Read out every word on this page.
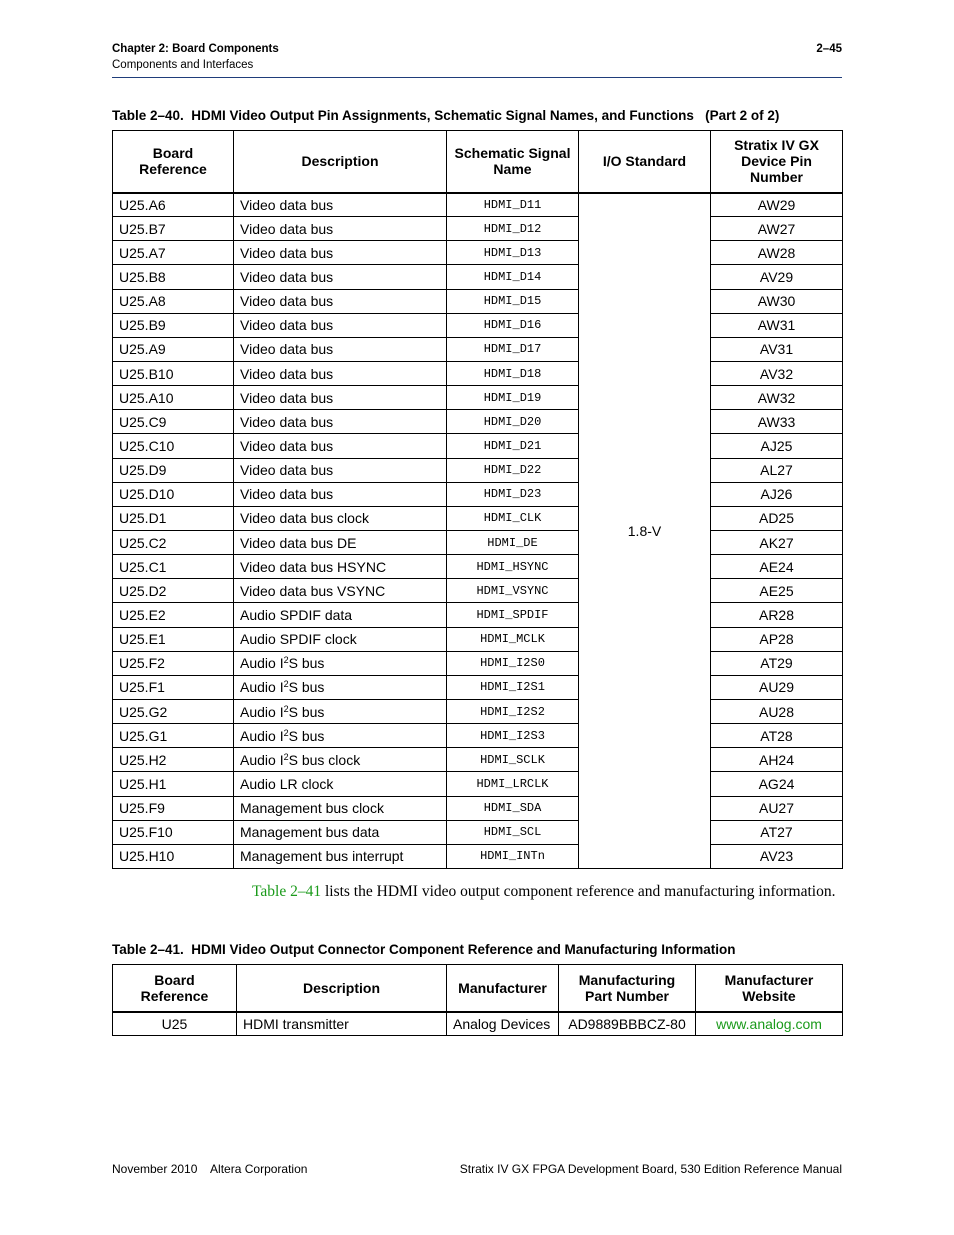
Chapter 2: Board Components
Components and Interfaces
2–45
Table 2–40.  HDMI Video Output Pin Assignments, Schematic Signal Names, and Functions   (Part 2 of 2)
Board Reference	Description	Schematic Signal Name	I/O Standard	Stratix IV GX Device Pin Number
U25.A6	Video data bus	HDMI_D11	1.8-V	AW29
U25.B7	Video data bus	HDMI_D12		AW27
U25.A7	Video data bus	HDMI_D13		AW28
U25.B8	Video data bus	HDMI_D14		AV29
U25.A8	Video data bus	HDMI_D15		AW30
U25.B9	Video data bus	HDMI_D16		AW31
U25.A9	Video data bus	HDMI_D17		AV31
U25.B10	Video data bus	HDMI_D18		AV32
U25.A10	Video data bus	HDMI_D19		AW32
U25.C9	Video data bus	HDMI_D20		AW33
U25.C10	Video data bus	HDMI_D21		AJ25
U25.D9	Video data bus	HDMI_D22		AL27
U25.D10	Video data bus	HDMI_D23		AJ26
U25.D1	Video data bus clock	HDMI_CLK		AD25
U25.C2	Video data bus DE	HDMI_DE		AK27
U25.C1	Video data bus HSYNC	HDMI_HSYNC		AE24
U25.D2	Video data bus VSYNC	HDMI_VSYNC		AE25
U25.E2	Audio SPDIF data	HDMI_SPDIF		AR28
U25.E1	Audio SPDIF clock	HDMI_MCLK		AP28
U25.F2	Audio $I^2S$ bus	HDMI_I2S0		AT29
U25.F1	Audio $I^2S$ bus	HDMI_I2S1		AU29
U25.G2	Audio $I^2S$ bus	HDMI_I2S2		AU28
U25.G1	Audio $I^2S$ bus	HDMI_I2S3		AT28
U25.H2	Audio $I^2S$ bus clock	HDMI_SCLK		AH24
U25.H1	Audio LR clock	HDMI_LRCLK		AG24
U25.F9	Management bus clock	HDMI_SDA		AU27
U25.F10	Management bus data	HDMI_SCL		AT27
U25.H10	Management bus interrupt	HDMI_INTn		AV23
Table 2–41 lists the HDMI video output component reference and manufacturing information.
Table 2–41.  HDMI Video Output Connector Component Reference and Manufacturing Information
Board Reference	Description	Manufacturer	Manufacturing Part Number	Manufacturer Website
U25	HDMI transmitter	Analog Devices	AD9889BBBCZ-80	www.analog.com
November 2010    Altera Corporation	Stratix IV GX FPGA Development Board, 530 Edition Reference Manual
